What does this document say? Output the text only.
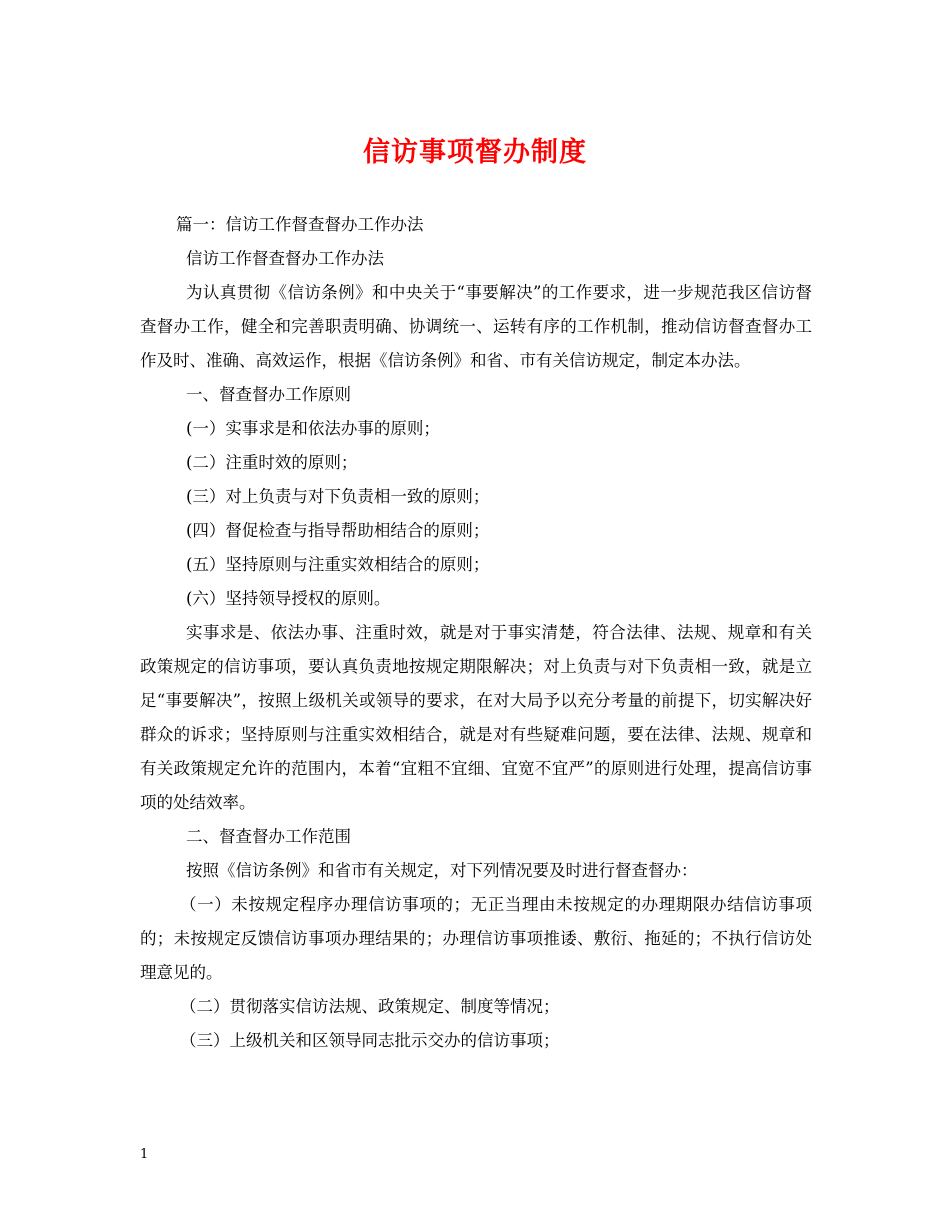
信访事项督办制度

篇一：信访工作督查督办工作办法

信访工作督查督办工作办法

为认真贯彻《信访条例》和中央关于“事要解决”的工作要求，进一步规范我区信访督查督办工作，健全和完善职责明确、协调统一、运转有序的工作机制，推动信访督查督办工作及时、准确、高效运作，根据《信访条例》和省、市有关信访规定，制定本办法。

一、督查督办工作原则

(一）实事求是和依法办事的原则；

(二）注重时效的原则；

(三）对上负责与对下负责相一致的原则；

(四）督促检查与指导帮助相结合的原则；

(五）坚持原则与注重实效相结合的原则；

(六）坚持领导授权的原则。

实事求是、依法办事、注重时效，就是对于事实清楚，符合法律、法规、规章和有关政策规定的信访事项，要认真负责地按规定期限解决；对上负责与对下负责相一致，就是立足“事要解决”，按照上级机关或领导的要求，在对大局予以充分考量的前提下，切实解决好群众的诉求；坚持原则与注重实效相结合，就是对有些疑难问题，要在法律、法规、规章和有关政策规定允许的范围内，本着“宜粗不宜细、宜宽不宜严”的原则进行处理，提高信访事项的处结效率。

二、督查督办工作范围

按照《信访条例》和省市有关规定，对下列情况要及时进行督查督办：

（一）未按规定程序办理信访事项的；无正当理由未按规定的办理期限办结信访事项的；未按规定反馈信访事项办理结果的；办理信访事项推诿、敷衍、拖延的；不执行信访处理意见的。

（二）贯彻落实信访法规、政策规定、制度等情况；

（三）上级机关和区领导同志批示交办的信访事项；

1
